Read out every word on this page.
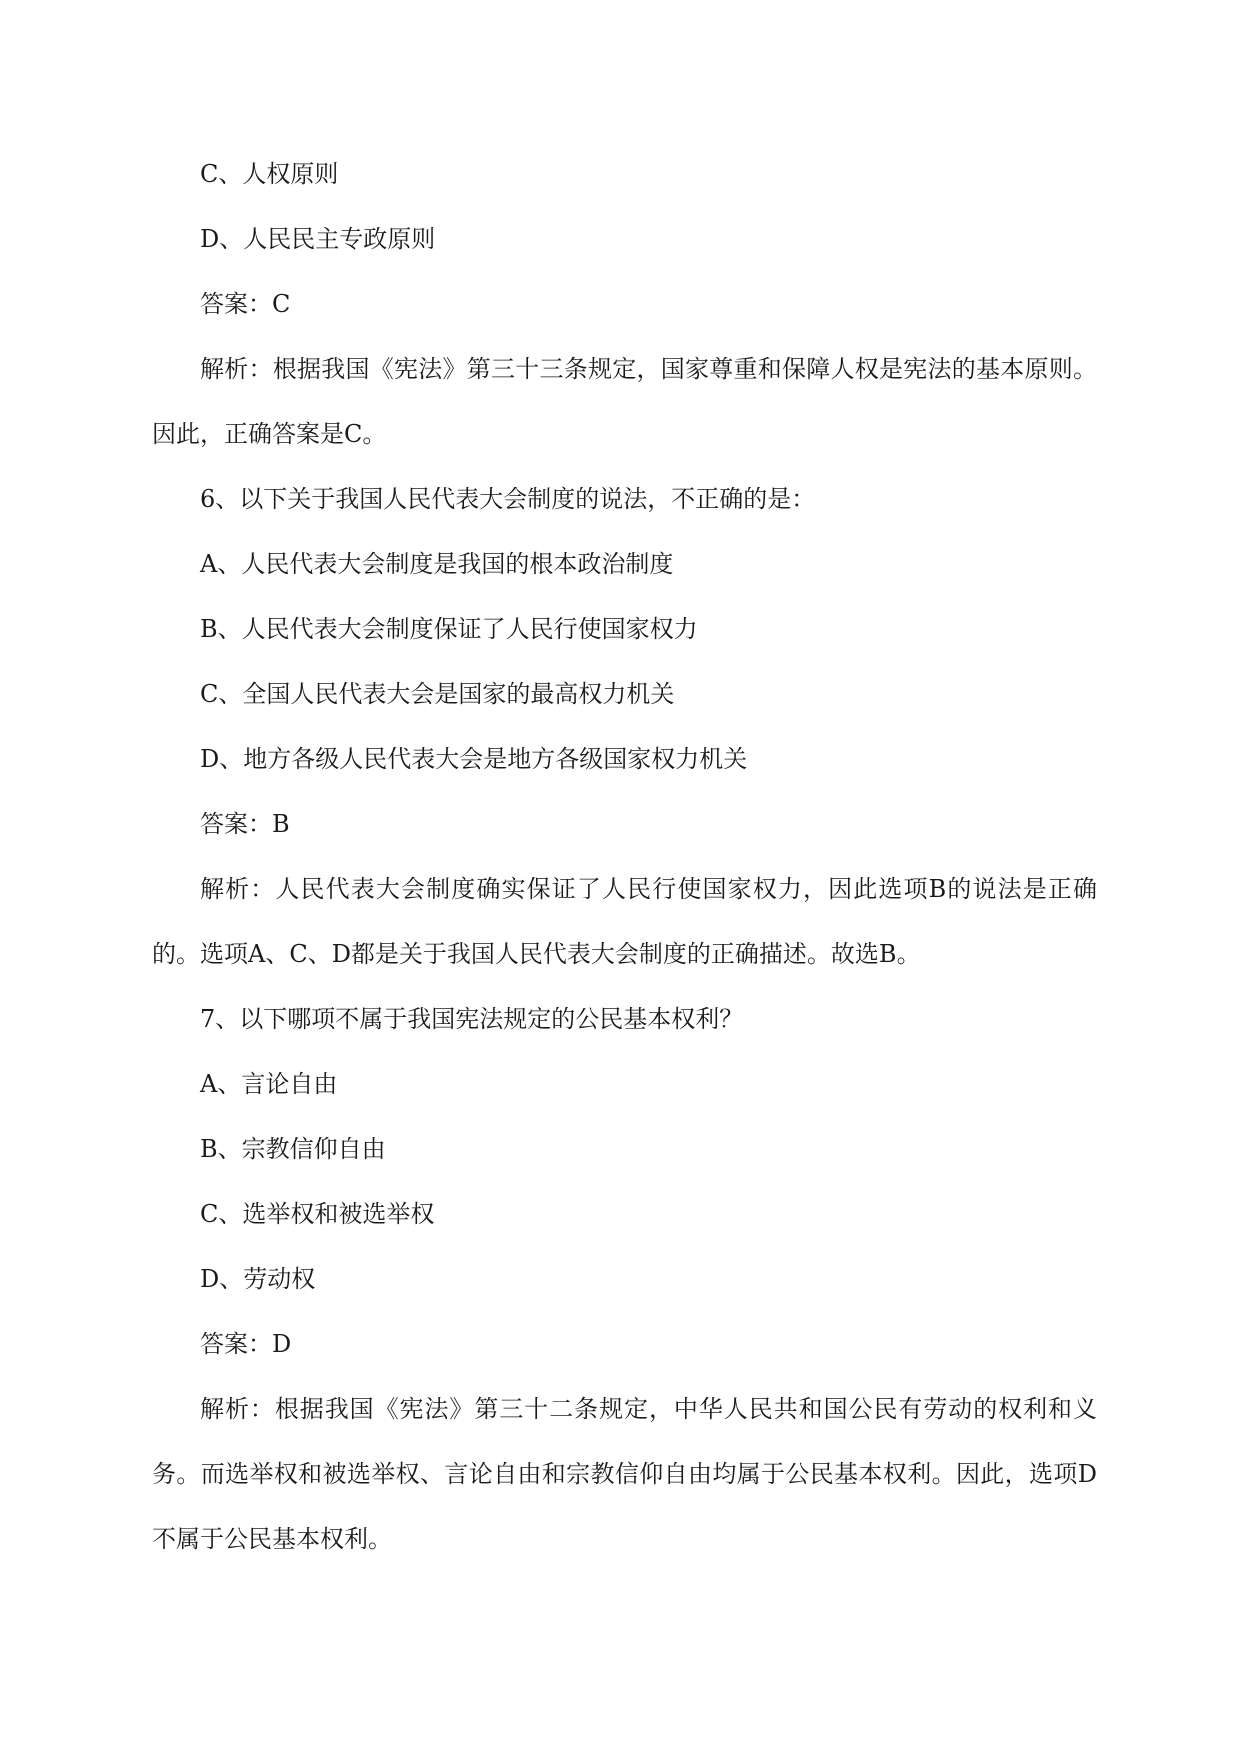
C、人权原则

D、人民民主专政原则

答案：C

解析：根据我国《宪法》第三十三条规定，国家尊重和保障人权是宪法的基本原则。因此，正确答案是C。

6、以下关于我国人民代表大会制度的说法，不正确的是：

A、人民代表大会制度是我国的根本政治制度

B、人民代表大会制度保证了人民行使国家权力

C、全国人民代表大会是国家的最高权力机关

D、地方各级人民代表大会是地方各级国家权力机关

答案：B

解析：人民代表大会制度确实保证了人民行使国家权力，因此选项B的说法是正确的。选项A、C、D都是关于我国人民代表大会制度的正确描述。故选B。

7、以下哪项不属于我国宪法规定的公民基本权利？

A、言论自由

B、宗教信仰自由

C、选举权和被选举权

D、劳动权

答案：D

解析：根据我国《宪法》第三十二条规定，中华人民共和国公民有劳动的权利和义务。而选举权和被选举权、言论自由和宗教信仰自由均属于公民基本权利。因此，选项D不属于公民基本权利。
